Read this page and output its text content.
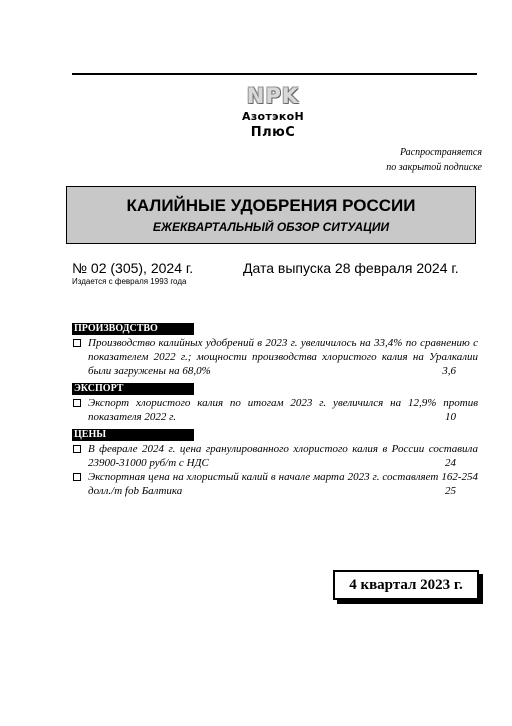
NPK
АзотэкоН
ПлюС
Распространяется
по закрытой подписке
КАЛИЙНЫЕ УДОБРЕНИЯ РОССИИ
ЕЖЕКВАРТАЛЬНЫЙ ОБЗОР СИТУАЦИИ
№ 02 (305), 2024 г.	Дата выпуска 28 февраля 2024 г.
Издается с февраля 1993 года
ПРОИЗВОДСТВО
Производство калийных удобрений в 2023 г. увеличилось на 33,4% по сравнению с показателем 2022 г.; мощности производства хлористого калия на Уралкалии были загружены на 68,0%	3,6
ЭКСПОРТ
Экспорт хлористого калия по итогам 2023 г. увеличился на 12,9% против показателя 2022 г.	10
ЦЕНЫ
В феврале 2024 г. цена гранулированного хлористого калия в России составила 23900-31000 руб/т с НДС	24
Экспортная цена на хлористый калий в начале марта 2023 г. составляет 162-254 долл./т fob Балтика	25
4 квартал 2023 г.
